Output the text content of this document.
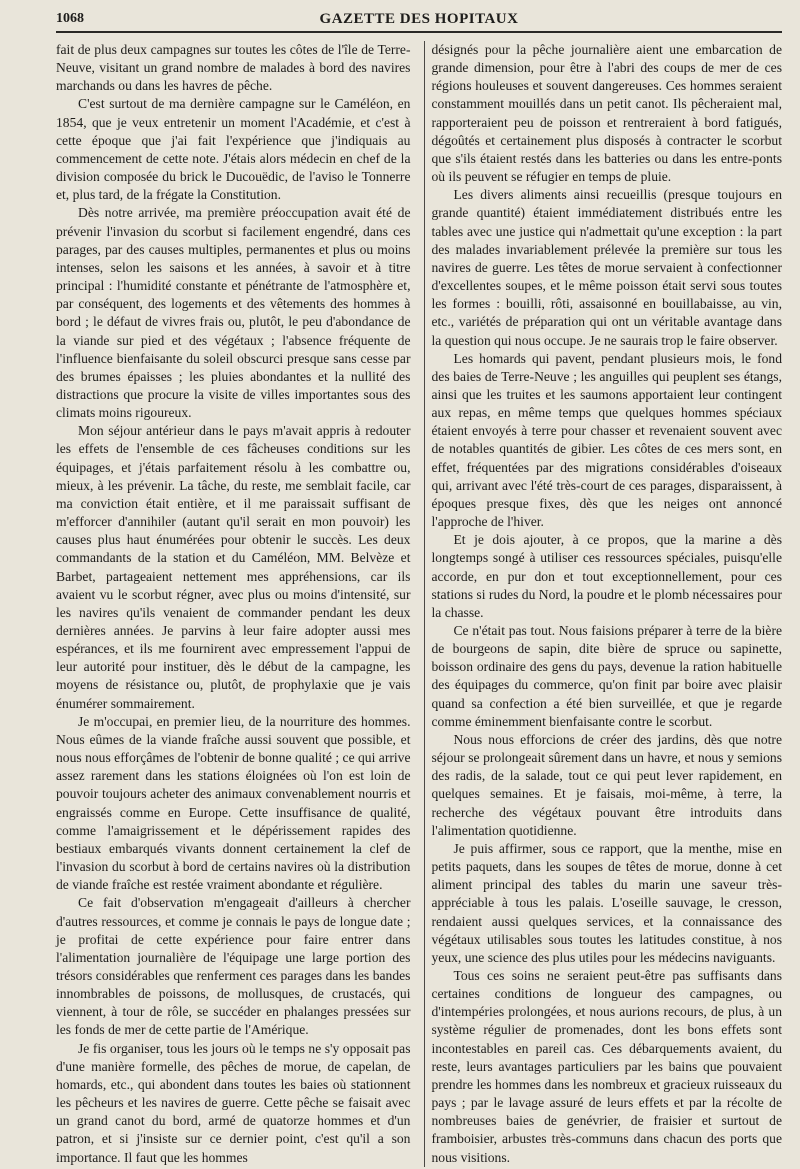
1068	GAZETTE DES HOPITAUX

fait de plus deux campagnes sur toutes les côtes de l'île de Terre-Neuve, visitant un grand nombre de malades à bord des navires marchands ou dans les havres de pêche.

C'est surtout de ma dernière campagne sur le Caméléon, en 1854, que je veux entretenir un moment l'Académie, et c'est à cette époque que j'ai fait l'expérience que j'indiquais au commencement de cette note. J'étais alors médecin en chef de la division composée du brick le Ducouëdic, de l'aviso le Tonnerre et, plus tard, de la frégate la Constitution.

Dès notre arrivée, ma première préoccupation avait été de prévenir l'invasion du scorbut si facilement engendré, dans ces parages, par des causes multiples, permanentes et plus ou moins intenses, selon les saisons et les années, à savoir et à titre principal : l'humidité constante et pénétrante de l'atmosphère et, par conséquent, des logements et des vêtements des hommes à bord ; le défaut de vivres frais ou, plutôt, le peu d'abondance de la viande sur pied et des végétaux ; l'absence fréquente de l'influence bienfaisante du soleil obscurci presque sans cesse par des brumes épaisses ; les pluies abondantes et la nullité des distractions que procure la visite de villes importantes sous des climats moins rigoureux.

Mon séjour antérieur dans le pays m'avait appris à redouter les effets de l'ensemble de ces fâcheuses conditions sur les équipages, et j'étais parfaitement résolu à les combattre ou, mieux, à les prévenir. La tâche, du reste, me semblait facile, car ma conviction était entière, et il me paraissait suffisant de m'efforcer d'annihiler (autant qu'il serait en mon pouvoir) les causes plus haut énumérées pour obtenir le succès. Les deux commandants de la station et du Caméléon, MM. Belvèze et Barbet, partageaient nettement mes appréhensions, car ils avaient vu le scorbut régner, avec plus ou moins d'intensité, sur les navires qu'ils venaient de commander pendant les deux dernières années. Je parvins à leur faire adopter aussi mes espérances, et ils me fournirent avec empressement l'appui de leur autorité pour instituer, dès le début de la campagne, les moyens de résistance ou, plutôt, de prophylaxie que je vais énumérer sommairement.

Je m'occupai, en premier lieu, de la nourriture des hommes. Nous eûmes de la viande fraîche aussi souvent que possible, et nous nous efforçâmes de l'obtenir de bonne qualité ; ce qui arrive assez rarement dans les stations éloignées où l'on est loin de pouvoir toujours acheter des animaux convenablement nourris et engraissés comme en Europe. Cette insuffisance de qualité, comme l'amaigrissement et le dépérissement rapides des bestiaux embarqués vivants donnent certainement la clef de l'invasion du scorbut à bord de certains navires où la distribution de viande fraîche est restée vraiment abondante et régulière.

Ce fait d'observation m'engageait d'ailleurs à chercher d'autres ressources, et comme je connais le pays de longue date ; je profitai de cette expérience pour faire entrer dans l'alimentation journalière de l'équipage une large portion des trésors considérables que renferment ces parages dans les bandes innombrables de poissons, de mollusques, de crustacés, qui viennent, à tour de rôle, se succéder en phalanges pressées sur les fonds de mer de cette partie de l'Amérique.

Je fis organiser, tous les jours où le temps ne s'y opposait pas d'une manière formelle, des pêches de morue, de capelan, de homards, etc., qui abondent dans toutes les baies où stationnent les pêcheurs et les navires de guerre. Cette pêche se faisait avec un grand canot du bord, armé de quatorze hommes et d'un patron, et si j'insiste sur ce dernier point, c'est qu'il a son importance. Il faut que les hommes

désignés pour la pêche journalière aient une embarcation de grande dimension, pour être à l'abri des coups de mer de ces régions houleuses et souvent dangereuses. Ces hommes seraient constamment mouillés dans un petit canot. Ils pêcheraient mal, rapporteraient peu de poisson et rentreraient à bord fatigués, dégoûtés et certainement plus disposés à contracter le scorbut que s'ils étaient restés dans les batteries ou dans les entre-ponts où ils peuvent se réfugier en temps de pluie.

Les divers aliments ainsi recueillis (presque toujours en grande quantité) étaient immédiatement distribués entre les tables avec une justice qui n'admettait qu'une exception : la part des malades invariablement prélevée la première sur tous les navires de guerre. Les têtes de morue servaient à confectionner d'excellentes soupes, et le même poisson était servi sous toutes les formes : bouilli, rôti, assaisonné en bouillabaisse, au vin, etc., variétés de préparation qui ont un véritable avantage dans la question qui nous occupe. Je ne saurais trop le faire observer.

Les homards qui pavent, pendant plusieurs mois, le fond des baies de Terre-Neuve ; les anguilles qui peuplent ses étangs, ainsi que les truites et les saumons apportaient leur contingent aux repas, en même temps que quelques hommes spéciaux étaient envoyés à terre pour chasser et revenaient souvent avec de notables quantités de gibier. Les côtes de ces mers sont, en effet, fréquentées par des migrations considérables d'oiseaux qui, arrivant avec l'été très-court de ces parages, disparaissent, à époques presque fixes, dès que les neiges ont annoncé l'approche de l'hiver.

Et je dois ajouter, à ce propos, que la marine a dès longtemps songé à utiliser ces ressources spéciales, puisqu'elle accorde, en pur don et tout exceptionnellement, pour ces stations si rudes du Nord, la poudre et le plomb nécessaires pour la chasse.

Ce n'était pas tout. Nous faisions préparer à terre de la bière de bourgeons de sapin, dite bière de spruce ou sapinette, boisson ordinaire des gens du pays, devenue la ration habituelle des équipages du commerce, qu'on finit par boire avec plaisir quand sa confection a été bien surveillée, et que je regarde comme éminemment bienfaisante contre le scorbut.

Nous nous efforcions de créer des jardins, dès que notre séjour se prolongeait sûrement dans un havre, et nous y semions des radis, de la salade, tout ce qui peut lever rapidement, en quelques semaines. Et je faisais, moi-même, à terre, la recherche des végétaux pouvant être introduits dans l'alimentation quotidienne.

Je puis affirmer, sous ce rapport, que la menthe, mise en petits paquets, dans les soupes de têtes de morue, donne à cet aliment principal des tables du marin une saveur très-appréciable à tous les palais. L'oseille sauvage, le cresson, rendaient aussi quelques services, et la connaissance des végétaux utilisables sous toutes les latitudes constitue, à nos yeux, une science des plus utiles pour les médecins naviguants.

Tous ces soins ne seraient peut-être pas suffisants dans certaines conditions de longueur des campagnes, ou d'intempéries prolongées, et nous aurions recours, de plus, à un système régulier de promenades, dont les bons effets sont incontestables en pareil cas. Ces débarquements avaient, du reste, leurs avantages particuliers par les bains que pouvaient prendre les hommes dans les nombreux et gracieux ruisseaux du pays ; par le lavage assuré de leurs effets et par la récolte de nombreuses baies de genévrier, de fraisier et surtout de framboisier, arbustes très-communs dans chacun des ports que nous visitions.
